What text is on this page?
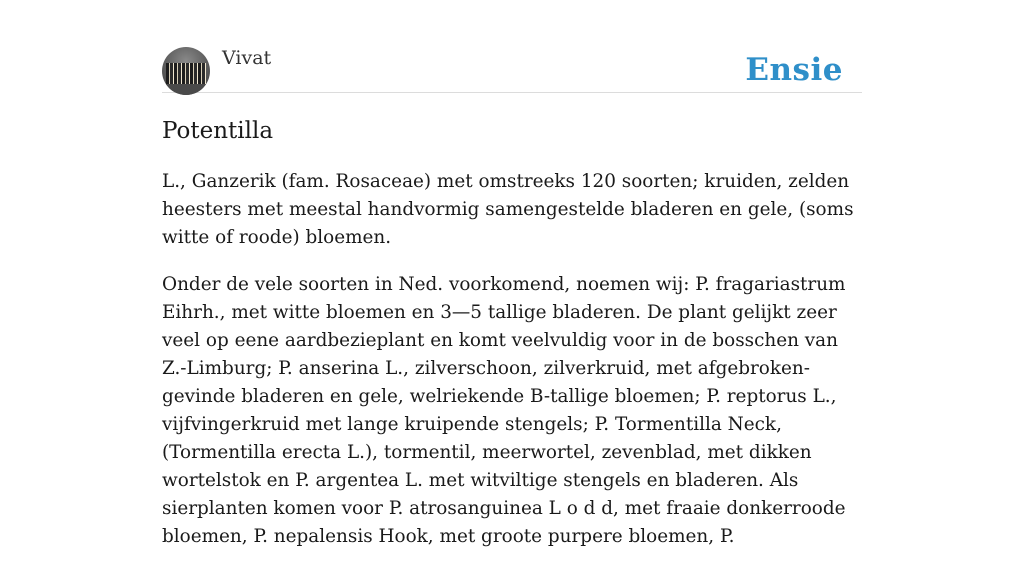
Vivat	Ensie
Potentilla

L., Ganzerik (fam. Rosaceae) met omstreeks 120 soorten; kruiden, zelden heesters met meestal handvormig samengestelde bladeren en gele, (soms witte of roode) bloemen.

Onder de vele soorten in Ned. voorkomend, noemen wij: P. fragariastrum Eihrh., met witte bloemen en 3—5 tallige bladeren. De plant gelijkt zeer veel op eene aardbezieplant en komt veelvuldig voor in de bosschen van Z.-Limburg; P. anserina L., zilverschoon, zilverkruid, met afgebroken-gevinde bladeren en gele, welriekende B-tallige bloemen; P. reptorus L., vijfvingerkruid met lange kruipende stengels; P. Tormentilla Neck, (Tormentilla erecta L.), tormentil, meerwortel, zevenblad, met dikken wortelstok en P. argentea L. met witviltige stengels en bladeren. Als sierplanten komen voor P. atrosanguinea L o d d, met fraaie donkerroode bloemen, P. nepalensis Hook, met groote purpere bloemen, P.
